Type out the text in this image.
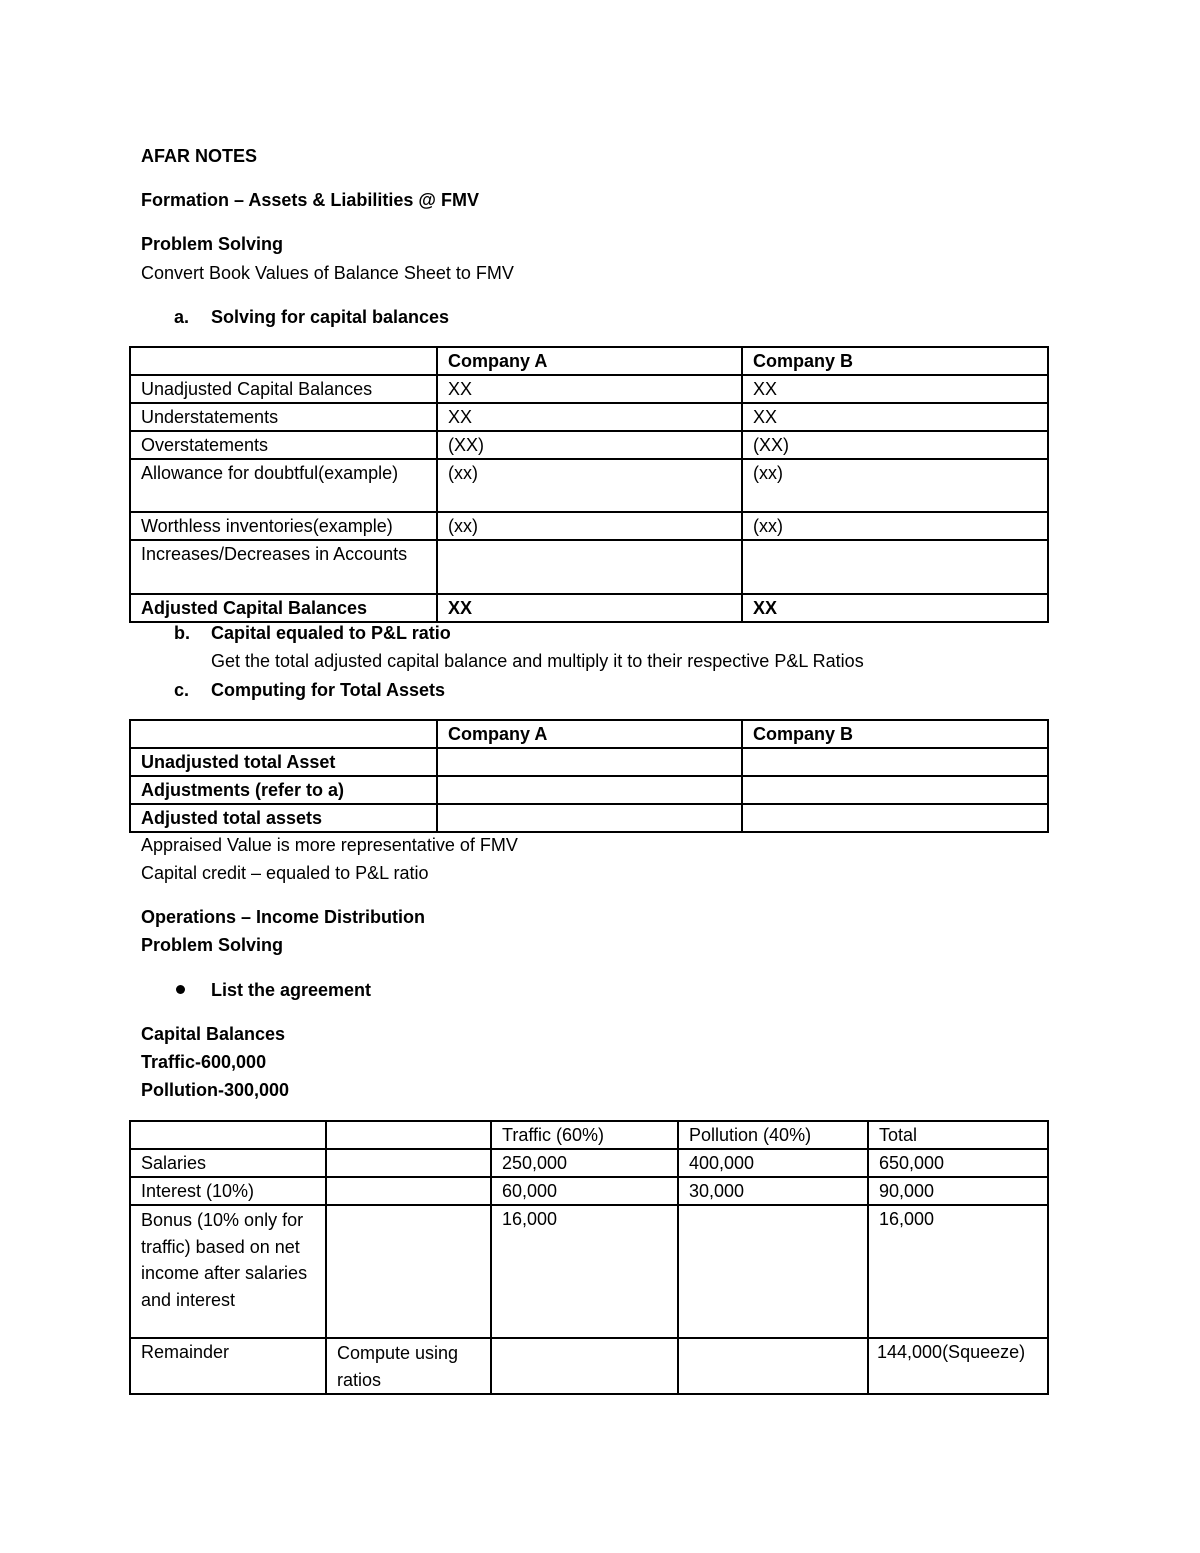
AFAR NOTES
Formation – Assets & Liabilities @ FMV
Problem Solving
Convert Book Values of Balance Sheet to FMV
a. Solving for capital balances
	Company A	Company B
Unadjusted Capital Balances	XX	XX
Understatements	XX	XX
Overstatements	(XX)	(XX)
Allowance for doubtful(example)	(xx)	(xx)
Worthless inventories(example)	(xx)	(xx)
Increases/Decreases in Accounts		
Adjusted Capital Balances	XX	XX
b. Capital equaled to P&L ratio
Get the total adjusted capital balance and multiply it to their respective P&L Ratios
c. Computing for Total Assets
	Company A	Company B
Unadjusted total Asset		
Adjustments (refer to a)		
Adjusted total assets		
Appraised Value is more representative of FMV
Capital credit – equaled to P&L ratio
Operations – Income Distribution
Problem Solving
List the agreement
Capital Balances
Traffic-600,000
Pollution-300,000
		Traffic (60%)	Pollution (40%)	Total
Salaries		250,000	400,000	650,000
Interest (10%)		60,000	30,000	90,000
Bonus (10% only for traffic) based on net income after salaries and interest		16,000		16,000
Remainder	Compute using ratios			144,000(Squeeze)
